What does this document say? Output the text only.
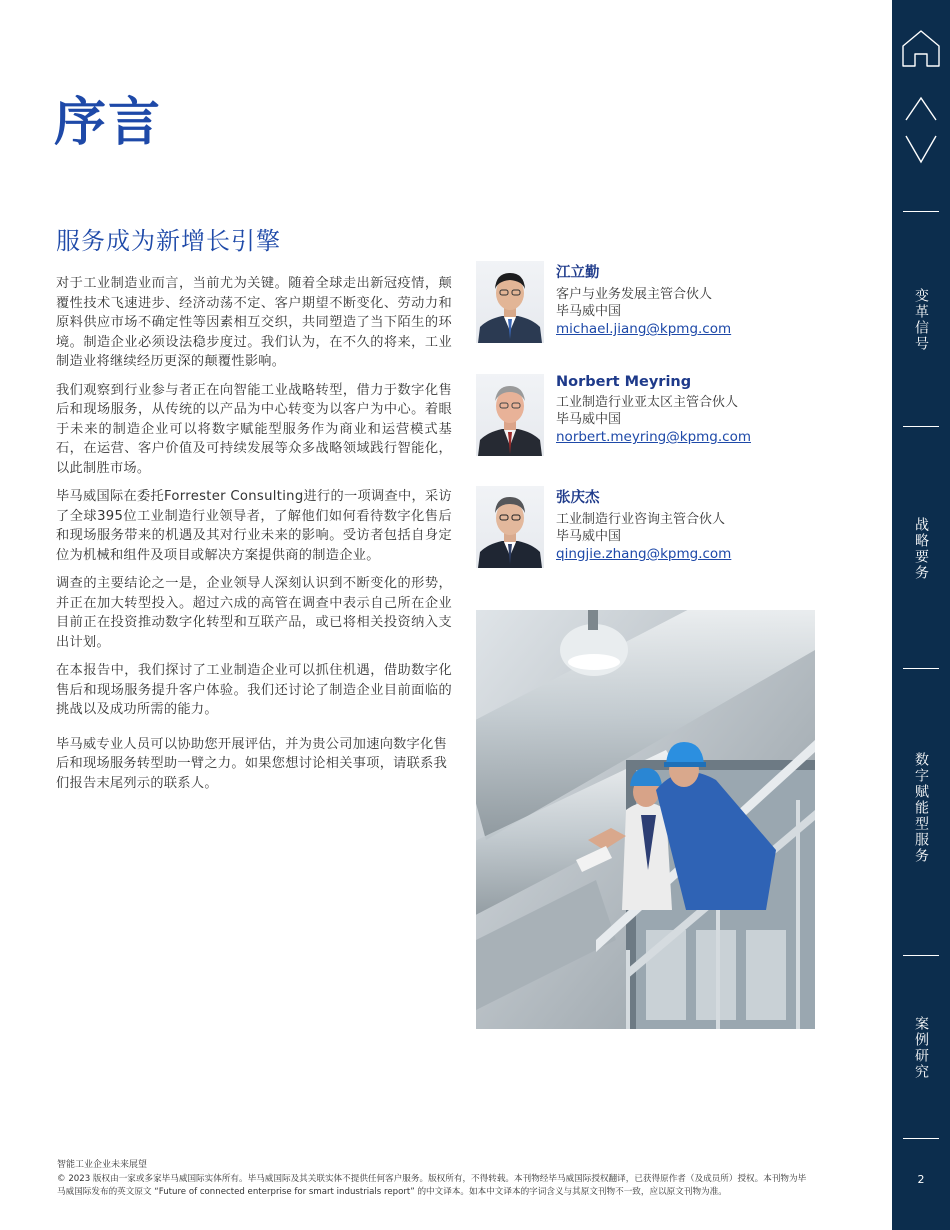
序言
服务成为新增长引擎

对于工业制造业而言，当前尤为关键。随着全球走出新冠疫情，颠覆性技术飞速进步、经济动荡不定、客户期望不断变化、劳动力和原料供应市场不确定性等因素相互交织，共同塑造了当下陌生的环境。制造企业必须设法稳步度过。我们认为，在不久的将来，工业制造业将继续经历更深的颠覆性影响。

我们观察到行业参与者正在向智能工业战略转型，借力于数字化售后和现场服务，从传统的以产品为中心转变为以客户为中心。着眼于未来的制造企业可以将数字赋能型服务作为商业和运营模式基石，在运营、客户价值及可持续发展等众多战略领域践行智能化，以此制胜市场。

毕马威国际在委托Forrester Consulting进行的一项调查中，采访了全球395位工业制造行业领导者，了解他们如何看待数字化售后和现场服务带来的机遇及其对行业未来的影响。受访者包括自身定位为机械和组件及项目或解决方案提供商的制造企业。

调查的主要结论之一是，企业领导人深刻认识到不断变化的形势，并正在加大转型投入。超过六成的高管在调查中表示自己所在企业目前正在投资推动数字化转型和互联产品，或已将相关投资纳入支出计划。

在本报告中，我们探讨了工业制造企业可以抓住机遇，借助数字化售后和现场服务提升客户体验。我们还讨论了制造企业目前面临的挑战以及成功所需的能力。

毕马威专业人员可以协助您开展评估，并为贵公司加速向数字化售后和现场服务转型助一臂之力。如果您想讨论相关事项，请联系我们报告末尾列示的联系人。

江立勤
客户与业务发展主管合伙人
毕马威中国
michael.jiang@kpmg.com
Norbert Meyring
工业制造行业亚太区主管合伙人
毕马威中国
norbert.meyring@kpmg.com
张庆杰
工业制造行业咨询主管合伙人
毕马威中国
qingjie.zhang@kpmg.com
智能工业企业未来展望
© 2023 版权由一家或多家毕马威国际实体所有。毕马威国际及其关联实体不提供任何客户服务。版权所有，不得转载。本刊物经毕马威国际授权翻译，已获得原作者（及成员所）授权。本刊物为毕马威国际发布的英文原文 “Future of connected enterprise for smart industrials report” 的中文译本。如本中文译本的字词含义与其原文刊物不一致，应以原文刊物为准。
变革信号
战略要务
数字赋能型服务
案例研究
2
